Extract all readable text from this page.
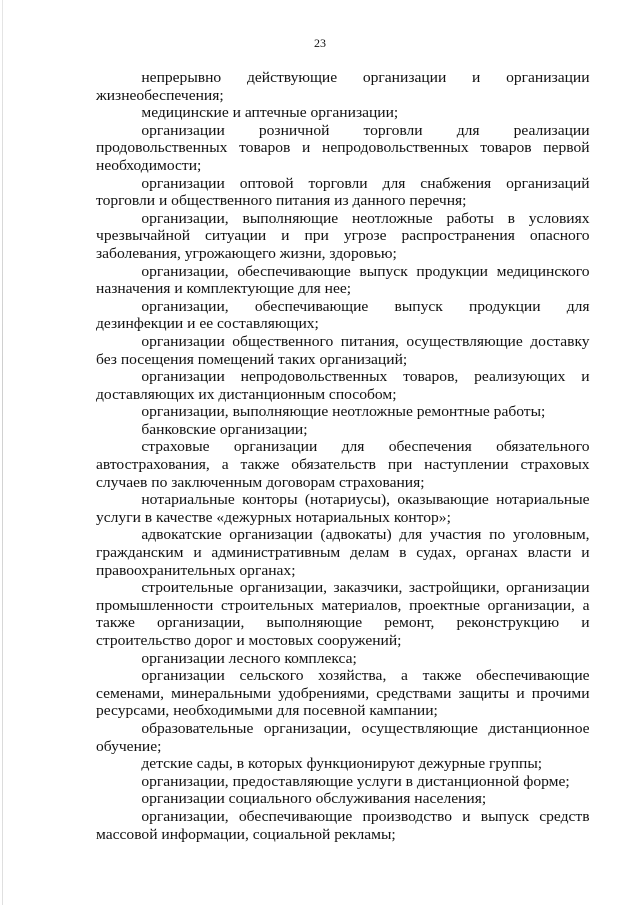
23

непрерывно действующие организации и организации жизнеобеспечения;

медицинские и аптечные организации;

организации розничной торговли для реализации продовольственных товаров и непродовольственных товаров первой необходимости;

организации оптовой торговли для снабжения организаций торговли и общественного питания из данного перечня;

организации, выполняющие неотложные работы в условиях чрезвычайной ситуации и при угрозе распространения опасного заболевания, угрожающего жизни, здоровью;

организации, обеспечивающие выпуск продукции медицинского назначения и комплектующие для нее;

организации, обеспечивающие выпуск продукции для дезинфекции и ее составляющих;

организации общественного питания, осуществляющие доставку без посещения помещений таких организаций;

организации непродовольственных товаров, реализующих и доставляющих их дистанционным способом;

организации, выполняющие неотложные ремонтные работы;

банковские организации;

страховые организации для обеспечения обязательного автострахования, а также обязательств при наступлении страховых случаев по заключенным договорам страхования;

нотариальные конторы (нотариусы), оказывающие нотариальные услуги в качестве «дежурных нотариальных контор»;

адвокатские организации (адвокаты) для участия по уголовным, гражданским и административным делам в судах, органах власти и правоохранительных органах;

строительные организации, заказчики, застройщики, организации промышленности строительных материалов, проектные организации, а также организации, выполняющие ремонт, реконструкцию и строительство дорог и мостовых сооружений;

организации лесного комплекса;

организации сельского хозяйства, а также обеспечивающие семенами, минеральными удобрениями, средствами защиты и прочими ресурсами, необходимыми для посевной кампании;

образовательные организации, осуществляющие дистанционное обучение;

детские сады, в которых функционируют дежурные группы;

организации, предоставляющие услуги в дистанционной форме;

организации социального обслуживания населения;

организации, обеспечивающие производство и выпуск средств массовой информации, социальной рекламы;
